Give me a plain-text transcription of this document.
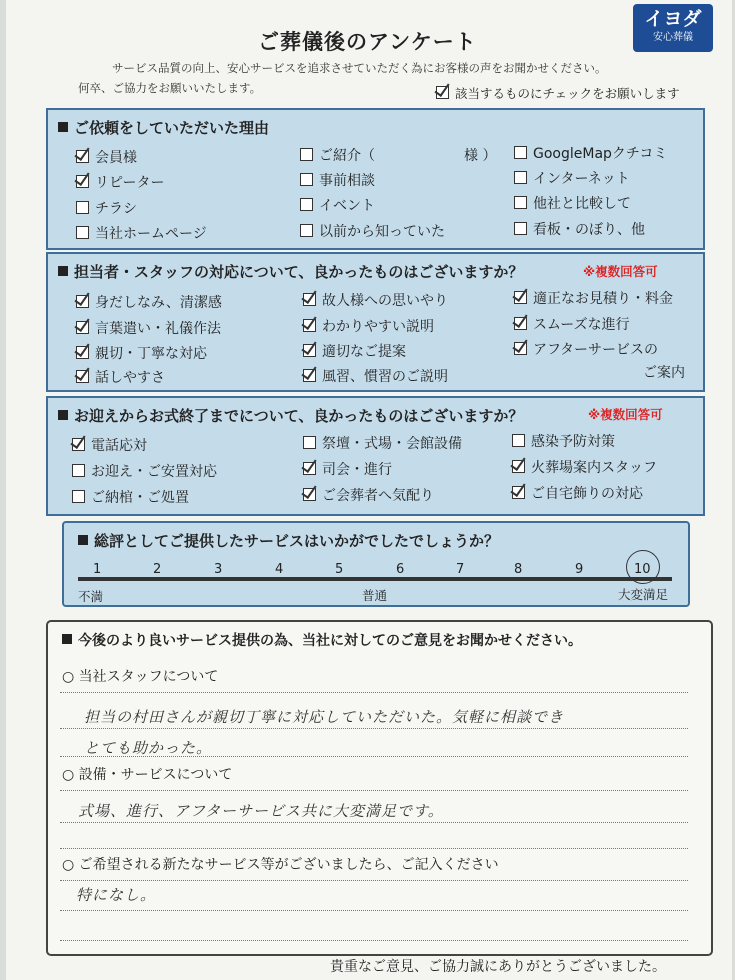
イヨダ
安心葬儀
ご葬儀後のアンケート
サービス品質の向上、安心サービスを追求させていただく為にお客様の声をお聞かせください。
何卒、ご協力をお願いいたします。	該当するものにチェックをお願いします
ご依頼をしていただいた理由
会員様
リピーター
チラシ
当社ホームページ
ご紹介（	様 ）
事前相談
イベント
以前から知っていた
GoogleMapクチコミ
インターネット
他社と比較して
看板・のぼり、他
担当者・スタッフの対応について、良かったものはございますか？	※複数回答可
身だしなみ、清潔感
言葉遣い・礼儀作法
親切・丁寧な対応
話しやすさ
故人様への思いやり
わかりやすい説明
適切なご提案
風習、慣習のご説明
適正なお見積り・料金
スムーズな進行
アフターサービスの
ご案内
お迎えからお式終了までについて、良かったものはございますか？	※複数回答可
電話応対
お迎え・ご安置対応
ご納棺・ご処置
祭壇・式場・会館設備
司会・進行
ご会葬者へ気配り
感染予防対策
火葬場案内スタッフ
ご自宅飾りの対応
総評としてご提供したサービスはいかがでしたでしょうか？
1	2	3	4	5	6	7	8	9	10
不満	普通	大変満足
今後のより良いサービス提供の為、当社に対してのご意見をお聞かせください。
○ 当社スタッフについて
担当の村田さんが親切丁寧に対応していただいた。気軽に相談でき
とても助かった。
○ 設備・サービスについて
式場、進行、アフターサービス共に大変満足です。
○ ご希望される新たなサービス等がございましたら、ご記入ください
特になし。
貴重なご意見、ご協力誠にありがとうございました。
